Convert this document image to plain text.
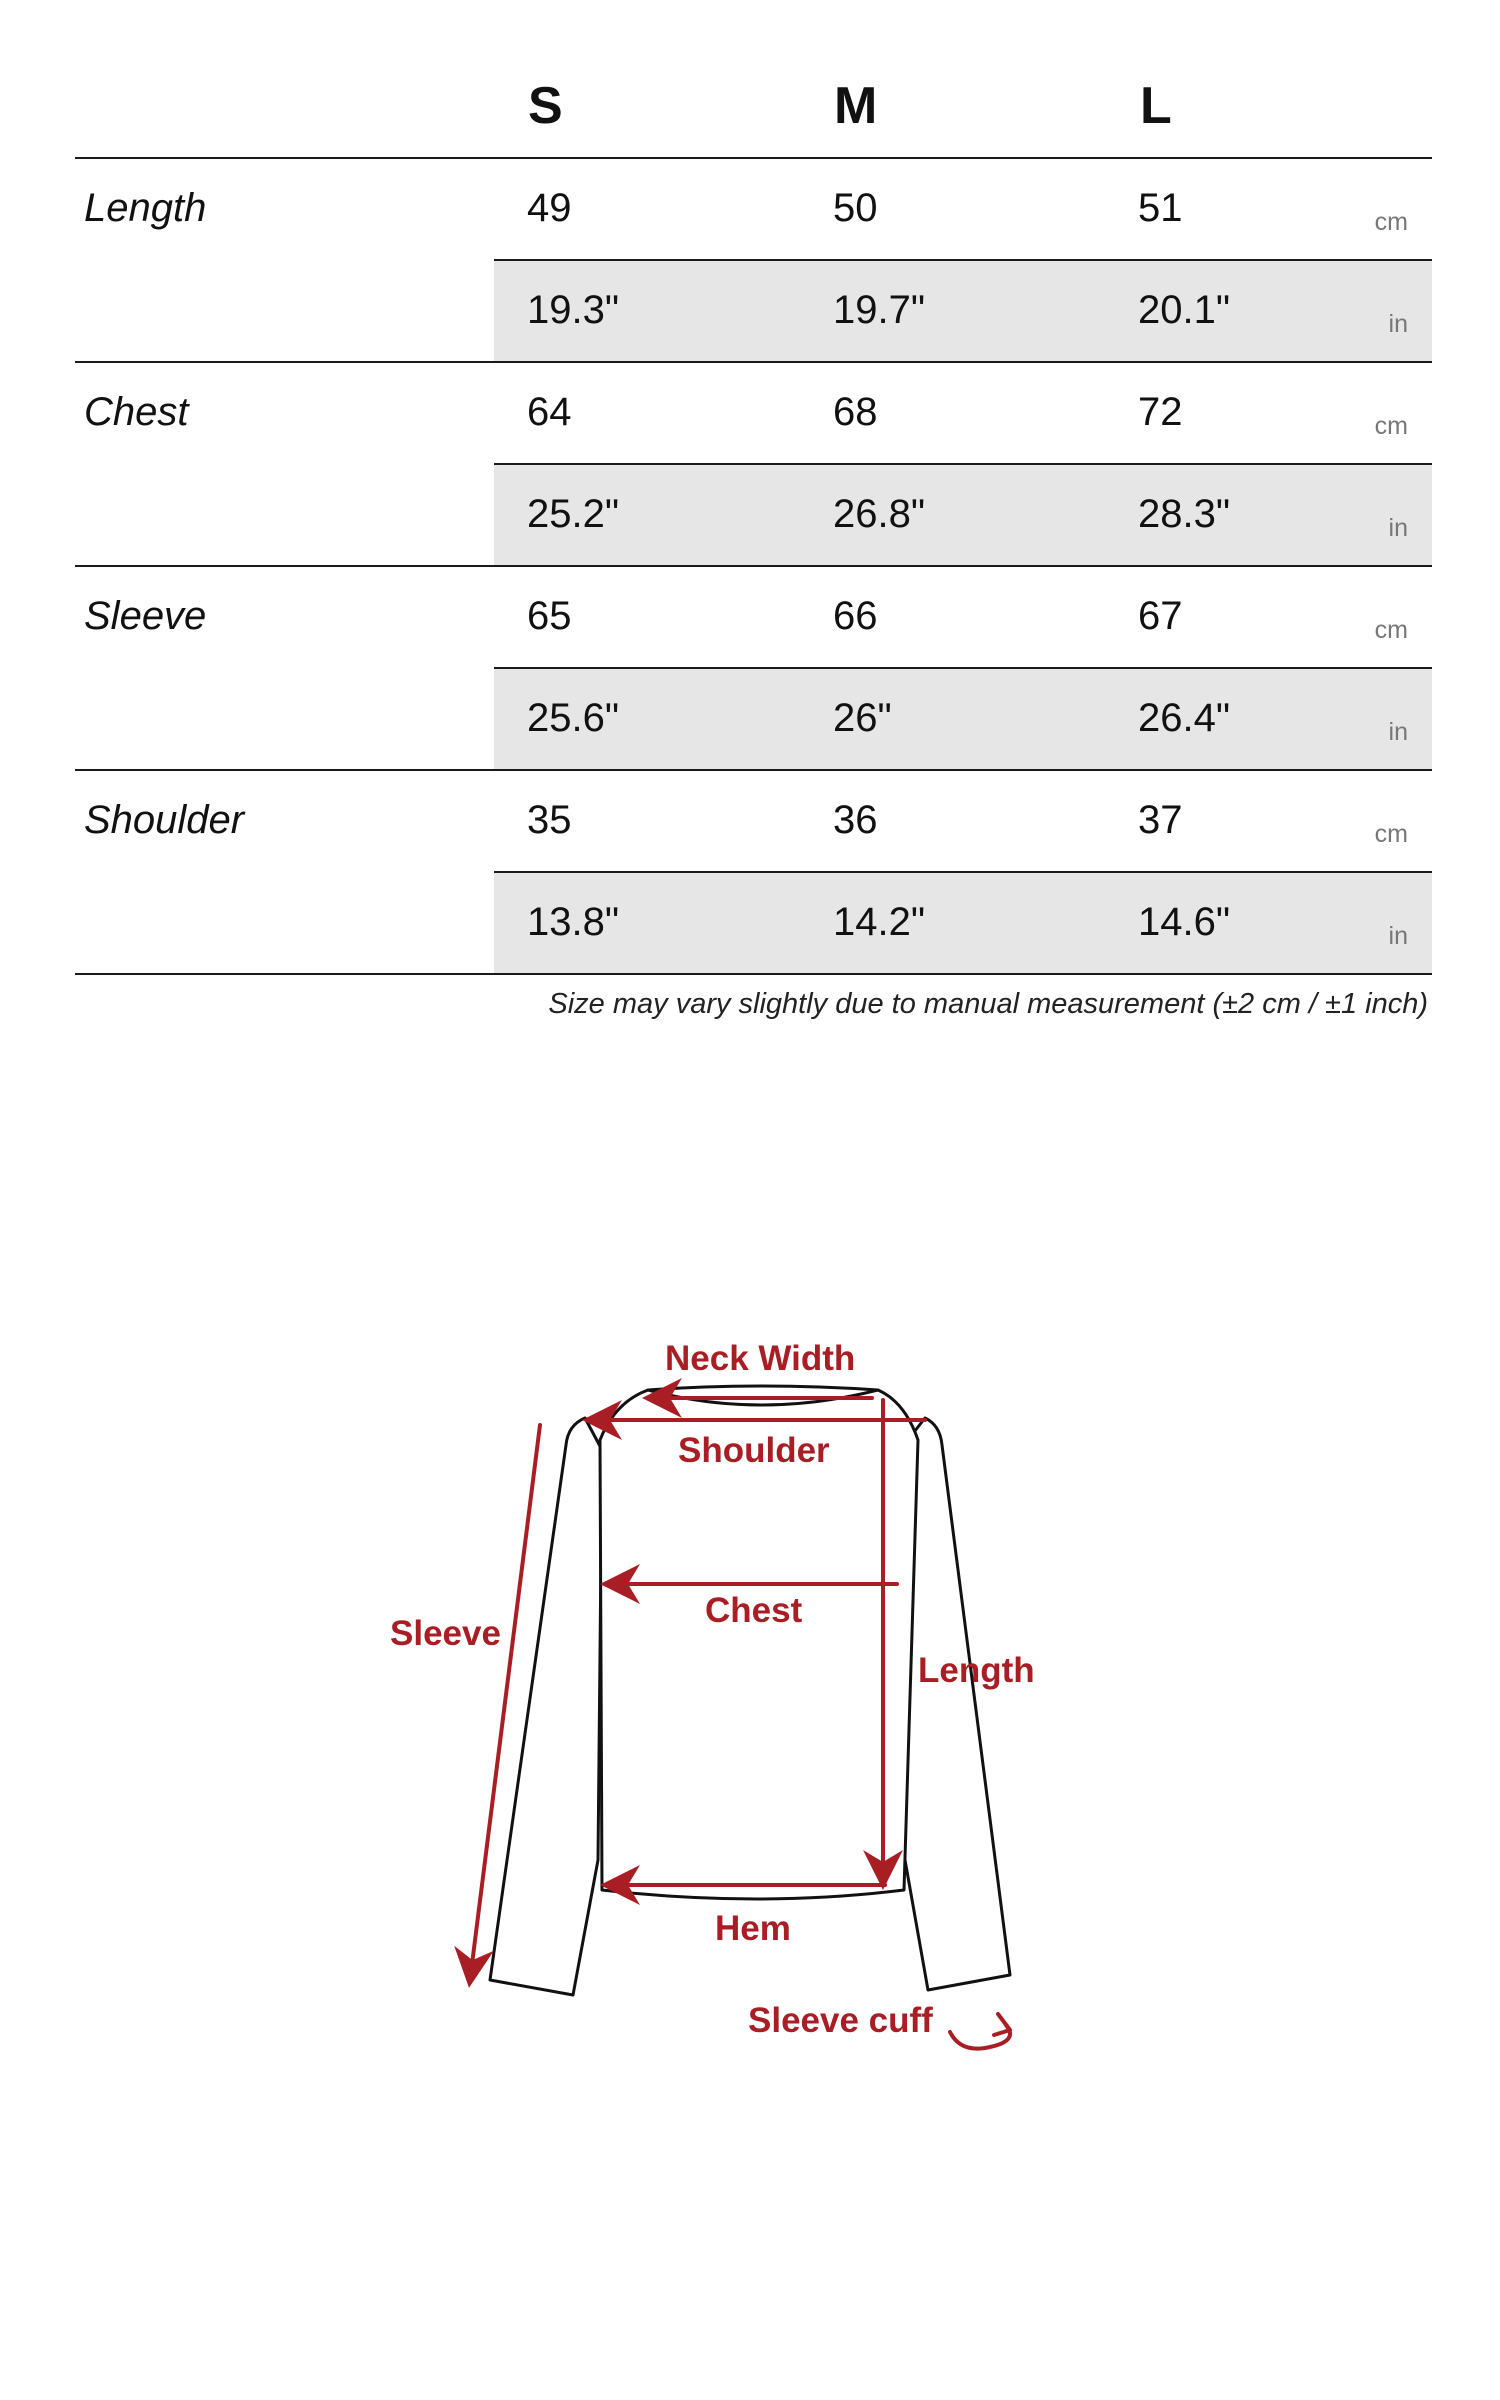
S	M	L
Length	49	50	51	cm
19.3"	19.7"	20.1"	in
Chest	64	68	72	cm
25.2"	26.8"	28.3"	in
Sleeve	65	66	67	cm
25.6"	26"	26.4"	in
Shoulder	35	36	37	cm
13.8"	14.2"	14.6"	in
Size may vary slightly due to manual measurement (±2 cm / ±1 inch)
Neck Width
Shoulder
Chest
Sleeve
Length
Hem
Sleeve cuff
